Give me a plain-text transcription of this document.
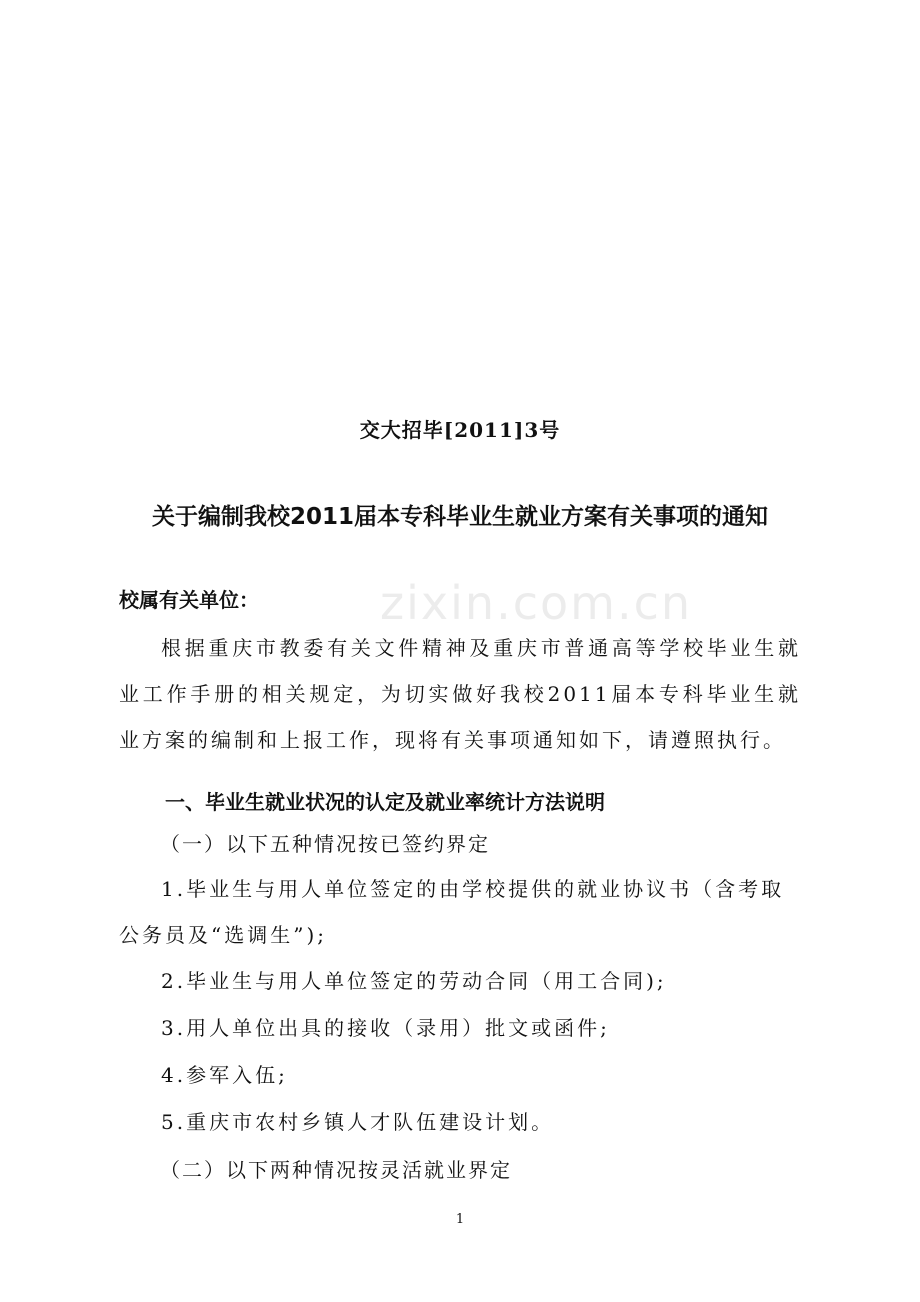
zixin.com.cn
交大招毕[2011]3号
关于编制我校2011届本专科毕业生就业方案有关事项的通知
校属有关单位：

根据重庆市教委有关文件精神及重庆市普通高等学校毕业生就业工作手册的相关规定，为切实做好我校2011届本专科毕业生就业方案的编制和上报工作，现将有关事项通知如下，请遵照执行。

一、毕业生就业状况的认定及就业率统计方法说明
（一）以下五种情况按已签约界定

1.毕业生与用人单位签定的由学校提供的就业协议书（含考取公务员及“选调生”);

2.毕业生与用人单位签定的劳动合同（用工合同);

3.用人单位出具的接收（录用）批文或函件;

4.参军入伍;

5.重庆市农村乡镇人才队伍建设计划。

（二）以下两种情况按灵活就业界定
1
